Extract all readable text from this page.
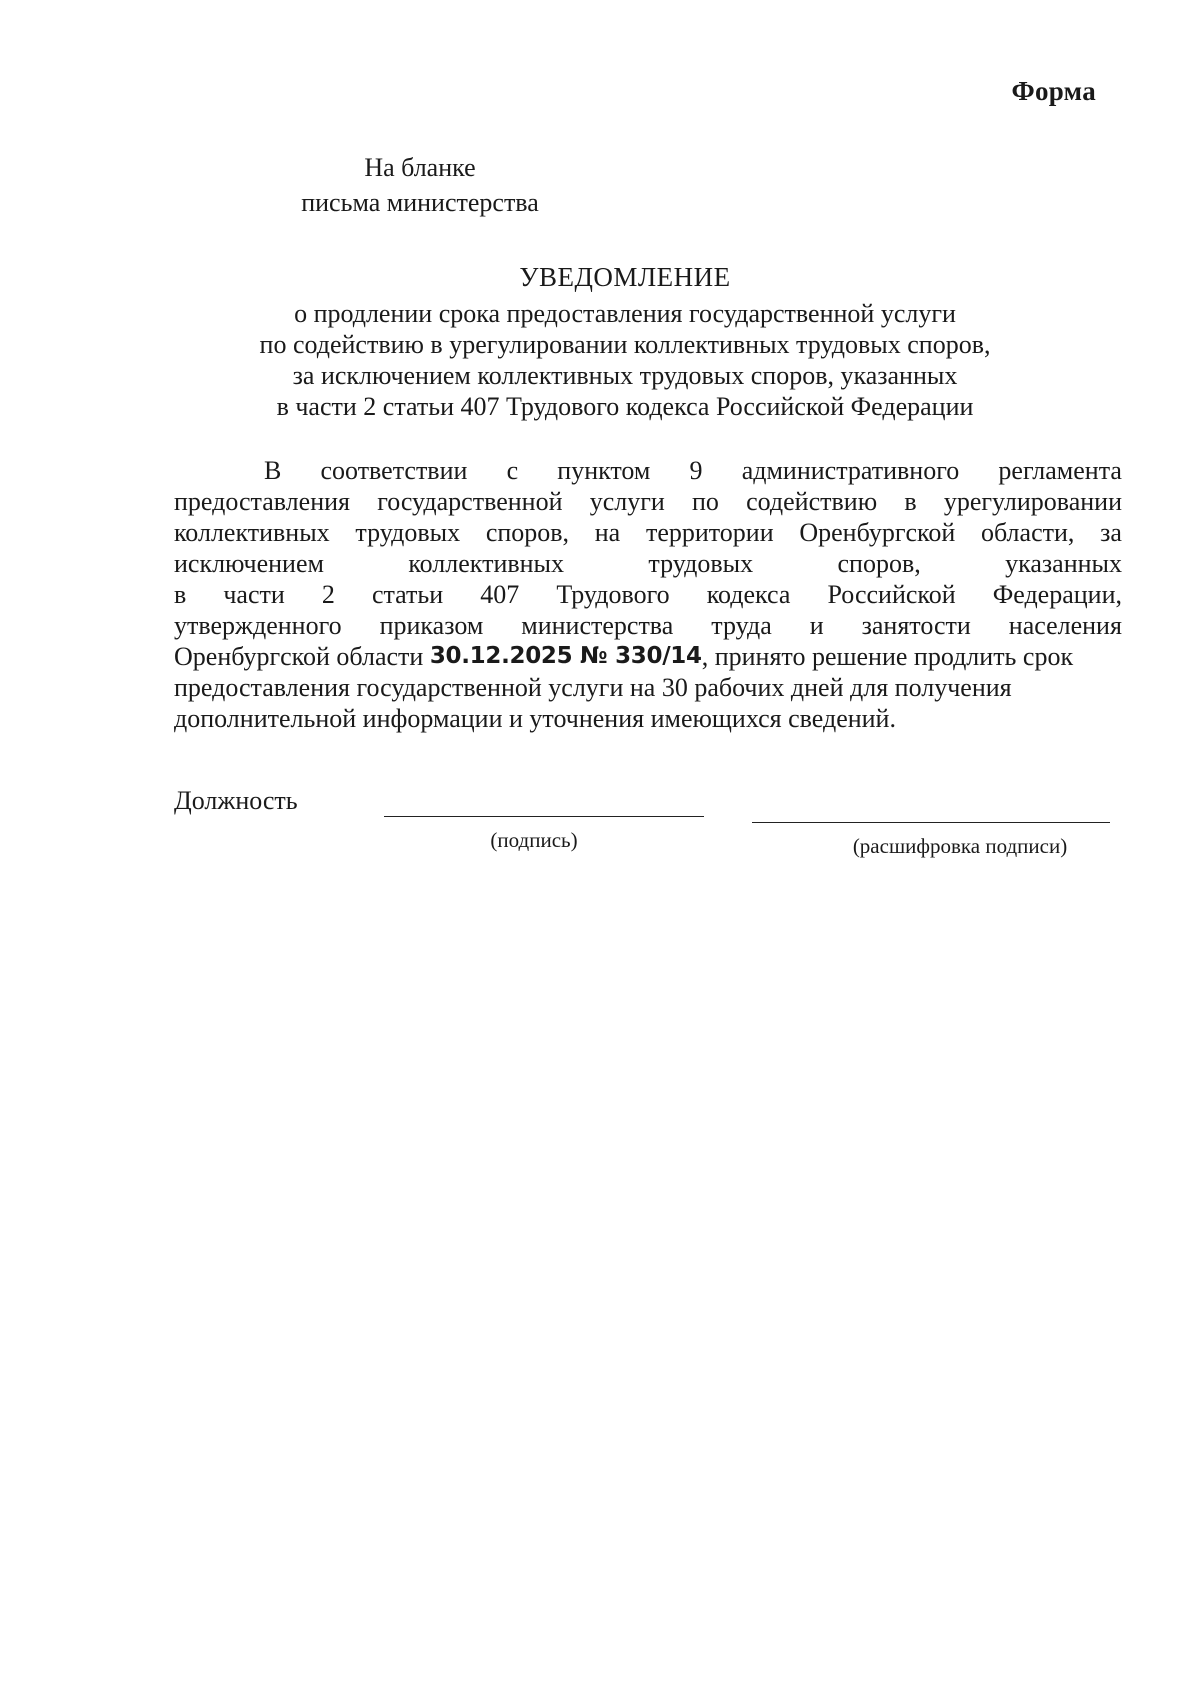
Форма
На бланке
письма министерства
УВЕДОМЛЕНИЕ
о продлении срока предоставления государственной услуги
по содействию в урегулировании коллективных трудовых споров,
за исключением коллективных трудовых споров, указанных
в части 2 статьи 407 Трудового кодекса Российской Федерации
В соответствии с пунктом 9 административного регламента
предоставления государственной услуги по содействию в урегулировании
коллективных трудовых споров, на территории Оренбургской области, за
исключением	коллективных	трудовых	споров,	указанных
в части 2 статьи 407 Трудового кодекса Российской Федерации,
утвержденного приказом министерства труда и занятости населения
Оренбургской области 30.12.2025 № 330/14 , принято решение продлить срок
предоставления государственной услуги на 30 рабочих дней для получения
дополнительной информации и уточнения имеющихся сведений.
Должность
(подпись)	(расшифровка подписи)
